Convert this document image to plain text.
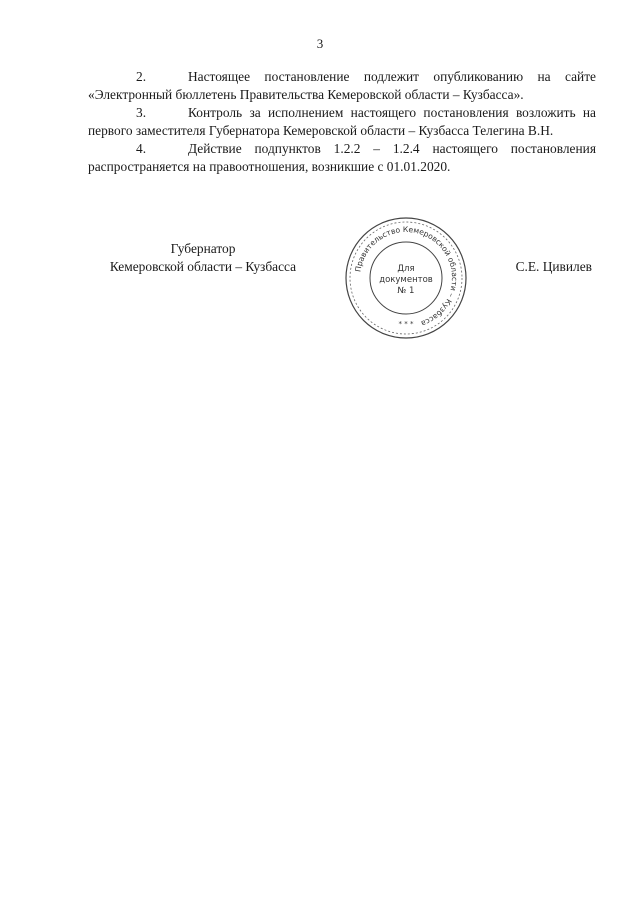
3

2.	Настоящее постановление подлежит опубликованию на сайте «Электронный бюллетень Правительства Кемеровской области – Кузбасса».

3.	Контроль за исполнением настоящего постановления возложить на первого заместителя Губернатора Кемеровской области – Кузбасса Телегина В.Н.

4.	Действие подпунктов 1.2.2 – 1.2.4 настоящего постановления распространяется на правоотношения, возникшие с 01.01.2020.

Губернатор
Кемеровской области – Кузбасса	Правительство Кемеровской области – Кузбасса
Для
документов
№ 1
* * *
С.Е. Цивилев
